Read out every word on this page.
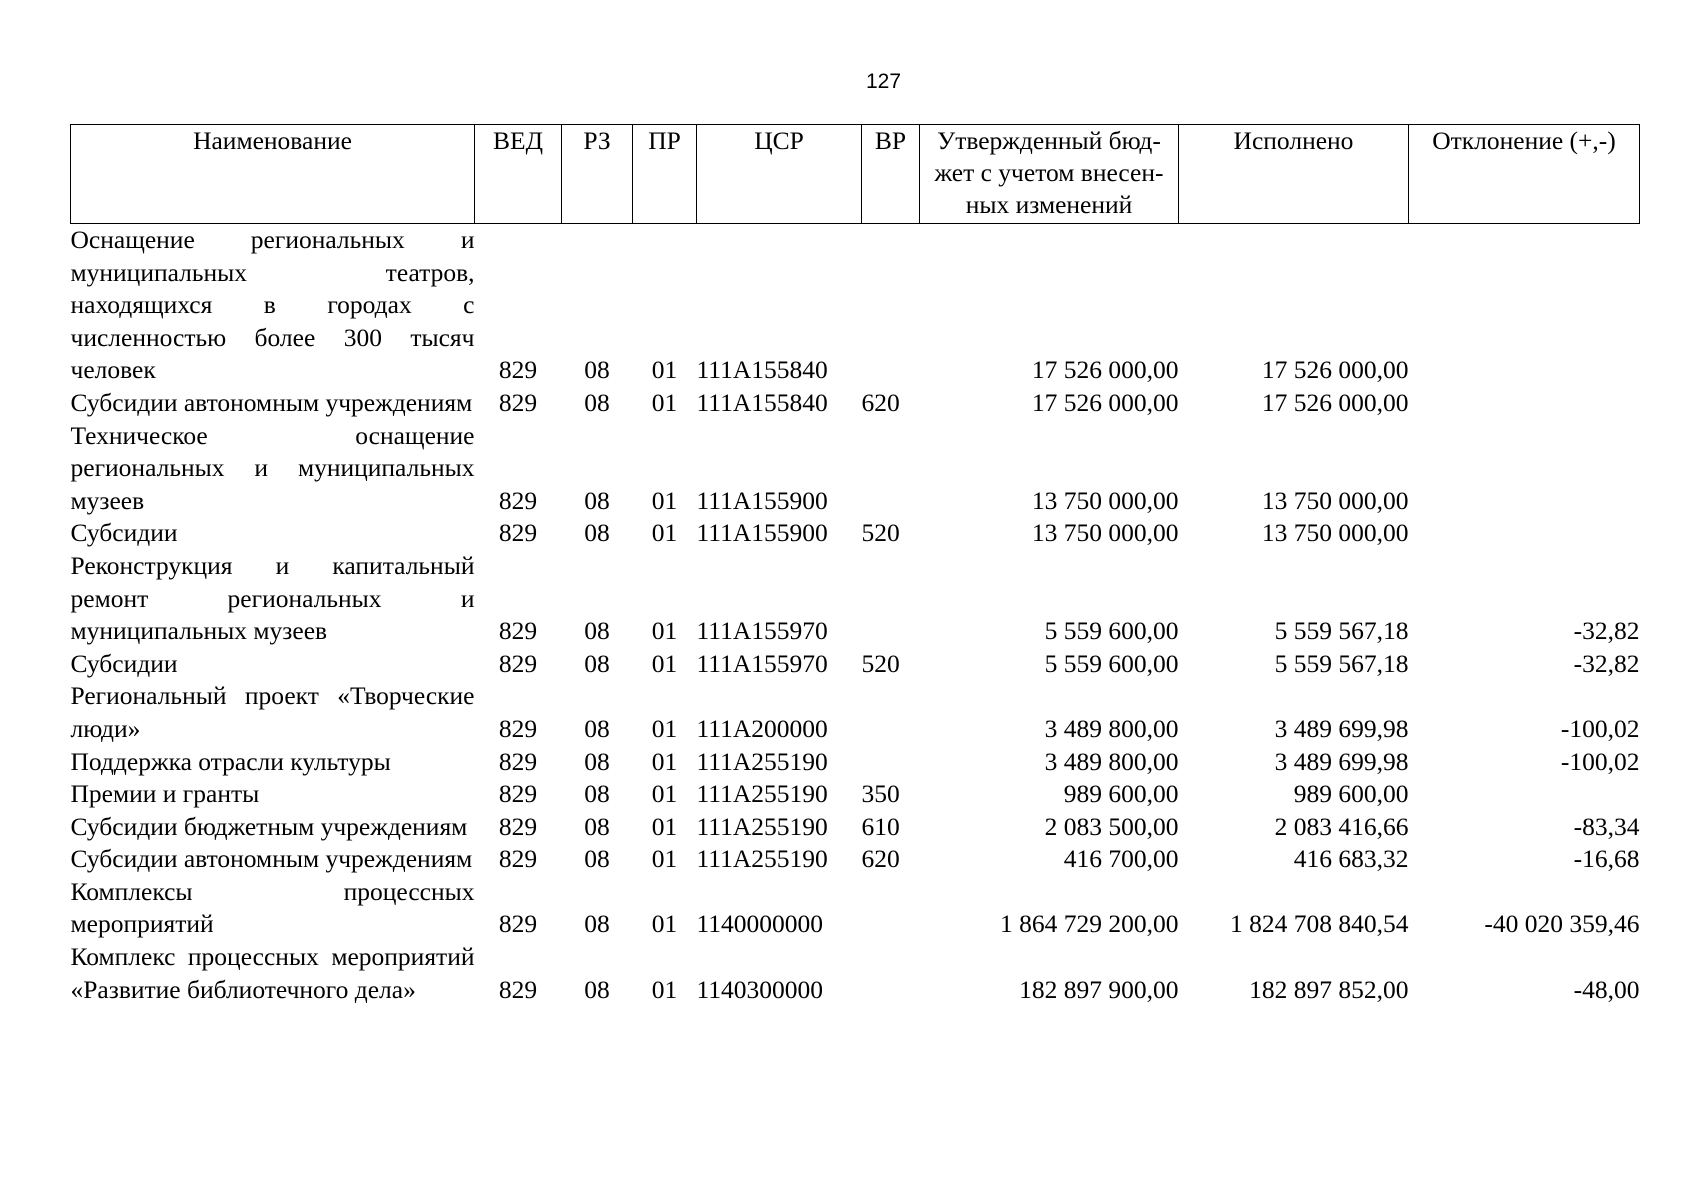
127
Наименование	ВЕД	РЗ	ПР	ЦСР	ВР	Утвержденный бюд-жет с учетом внесен-ных изменений	Исполнено	Отклонение (+,-)
Оснащение региональных и муниципальных театров, находящихся в городах с численностью более 300 тысяч человек	829	08	01	111A155840		17 526 000,00	17 526 000,00	
Субсидии автономным учреждениям	829	08	01	111A155840	620	17 526 000,00	17 526 000,00	
Техническое оснащение региональных и муниципальных музеев	829	08	01	111A155900		13 750 000,00	13 750 000,00	
Субсидии	829	08	01	111A155900	520	13 750 000,00	13 750 000,00	
Реконструкция и капитальный ремонт региональных и муниципальных музеев	829	08	01	111A155970		5 559 600,00	5 559 567,18	-32,82
Субсидии	829	08	01	111A155970	520	5 559 600,00	5 559 567,18	-32,82
Региональный проект «Творческие люди»	829	08	01	111A200000		3 489 800,00	3 489 699,98	-100,02
Поддержка отрасли культуры	829	08	01	111A255190		3 489 800,00	3 489 699,98	-100,02
Премии и гранты	829	08	01	111A255190	350	989 600,00	989 600,00	
Субсидии бюджетным учреждениям	829	08	01	111A255190	610	2 083 500,00	2 083 416,66	-83,34
Субсидии автономным учреждениям	829	08	01	111A255190	620	416 700,00	416 683,32	-16,68
Комплексы процессных мероприятий	829	08	01	1140000000		1 864 729 200,00	1 824 708 840,54	-40 020 359,46
Комплекс процессных мероприятий «Развитие библиотечного дела»	829	08	01	1140300000		182 897 900,00	182 897 852,00	-48,00
